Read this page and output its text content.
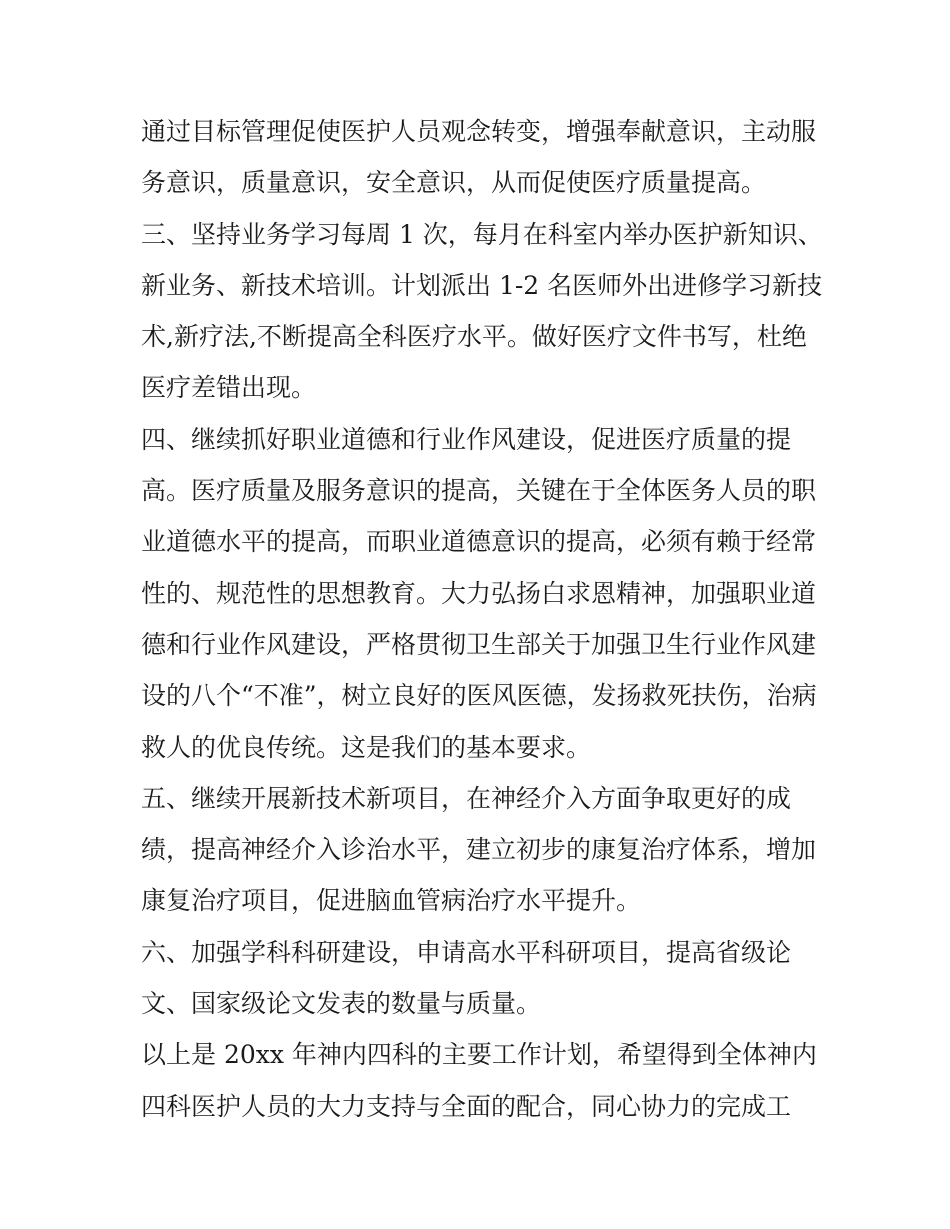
通过目标管理促使医护人员观念转变，增强奉献意识，主动服
务意识，质量意识，安全意识，从而促使医疗质量提高。
三、坚持业务学习每周 1 次，每月在科室内举办医护新知识、
新业务、新技术培训。计划派出 1-2 名医师外出进修学习新技
术,新疗法,不断提高全科医疗水平。做好医疗文件书写，杜绝
医疗差错出现。
四、继续抓好职业道德和行业作风建设，促进医疗质量的提
高。医疗质量及服务意识的提高，关键在于全体医务人员的职
业道德水平的提高，而职业道德意识的提高，必须有赖于经常
性的、规范性的思想教育。大力弘扬白求恩精神，加强职业道
德和行业作风建设，严格贯彻卫生部关于加强卫生行业作风建
设的八个“不准”，树立良好的医风医德，发扬救死扶伤，治病
救人的优良传统。这是我们的基本要求。
五、继续开展新技术新项目，在神经介入方面争取更好的成
绩，提高神经介入诊治水平，建立初步的康复治疗体系，增加
康复治疗项目，促进脑血管病治疗水平提升。
六、加强学科科研建设，申请高水平科研项目，提高省级论
文、国家级论文发表的数量与质量。
以上是 20xx 年神内四科的主要工作计划，希望得到全体神内
四科医护人员的大力支持与全面的配合，同心协力的完成工
